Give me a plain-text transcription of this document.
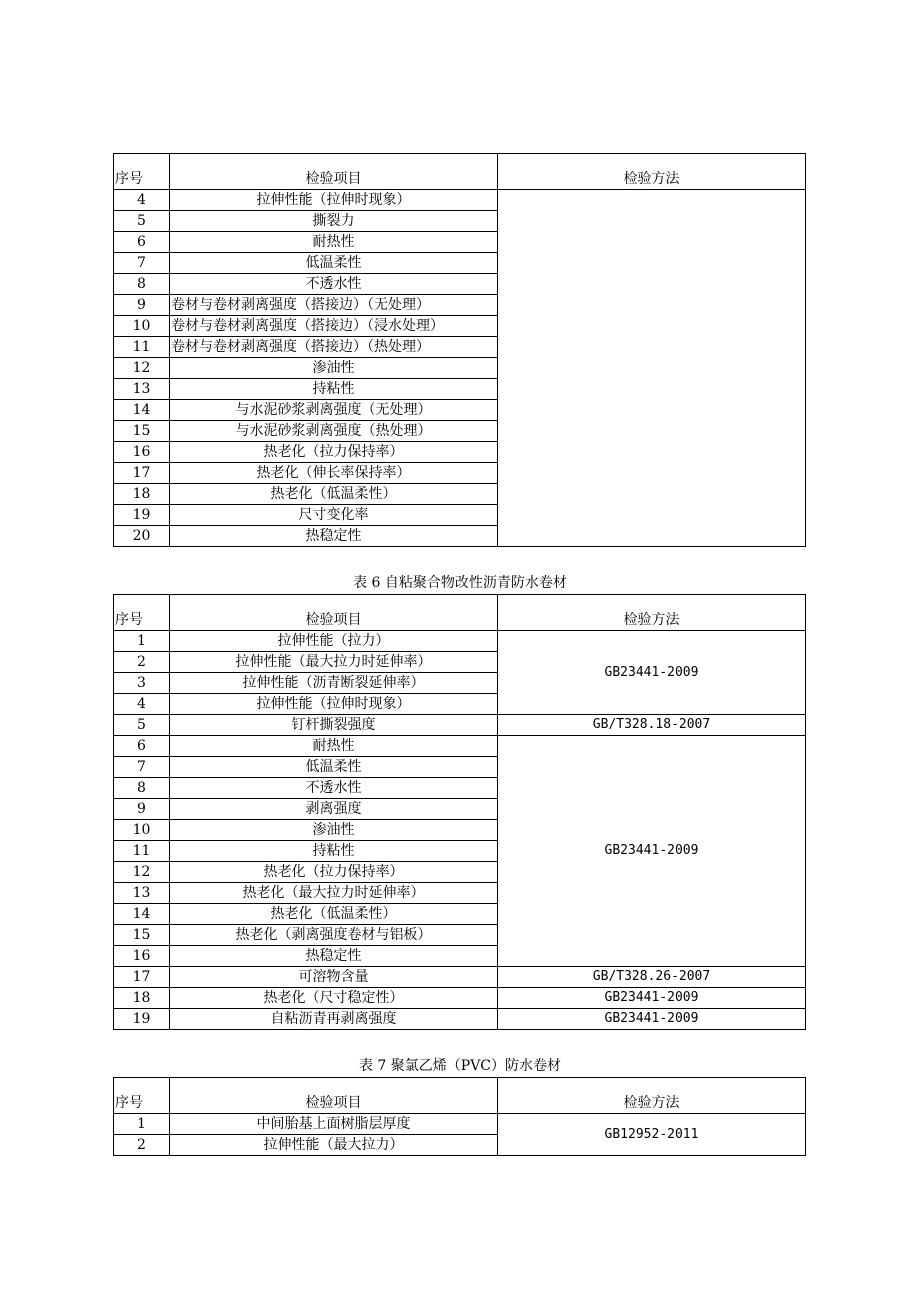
序号	检验项目	检验方法
4	拉伸性能（拉伸时现象）	
5	撕裂力	
6	耐热性	
7	低温柔性	
8	不透水性	
9	卷材与卷材剥离强度（搭接边）（无处理）	
10	卷材与卷材剥离强度（搭接边）（浸水处理）	
11	卷材与卷材剥离强度（搭接边）（热处理）	
12	渗油性	
13	持粘性	
14	与水泥砂浆剥离强度（无处理）	
15	与水泥砂浆剥离强度（热处理）	
16	热老化（拉力保持率）	
17	热老化（伸长率保持率）	
18	热老化（低温柔性）	
19	尺寸变化率	
20	热稳定性	
表 6 自粘聚合物改性沥青防水卷材
序号	检验项目	检验方法
1	拉伸性能（拉力）	GB23441-2009
2	拉伸性能（最大拉力时延伸率）	
3	拉伸性能（沥青断裂延伸率）	
4	拉伸性能（拉伸时现象）	
5	钉杆撕裂强度	GB/T328.18-2007
6	耐热性	GB23441-2009
7	低温柔性	
8	不透水性	
9	剥离强度	
10	渗油性	
11	持粘性	
12	热老化（拉力保持率）	
13	热老化（最大拉力时延伸率）	
14	热老化（低温柔性）	
15	热老化（剥离强度卷材与铝板）	
16	热稳定性	
17	可溶物含量	GB/T328.26-2007
18	热老化（尺寸稳定性）	GB23441-2009
19	自粘沥青再剥离强度	GB23441-2009
表 7 聚氯乙烯（PVC）防水卷材
序号	检验项目	检验方法
1	中间胎基上面树脂层厚度	GB12952-2011
2	拉伸性能（最大拉力）	
